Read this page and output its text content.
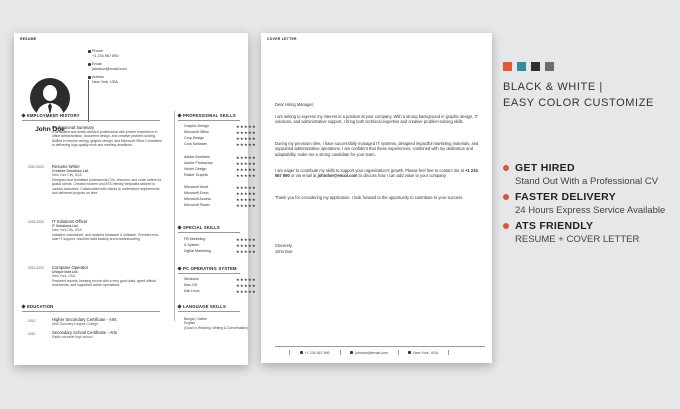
RESUME
John Doe
Phone
+1 234 567 890
Email
johndoe@email.com
Adress
New York, USA
EMPLOYMENT HISTORY
Professional Summary
A dedicated and detail-oriented professional with proven experience in office administration, document design, and creative problem-solving. Skilled in resume writing, graphic design, and Microsoft Office Committed to delivering high-quality work and meeting deadlines.
2020-2023 Resume Writer
Creative Solutions Ltd.
New York City, USA
Designed and formatted professional CVs, resumes, and cover letters for global clients. Created modern and ATS-friendly templates tailored to various industries. Collaborated with clients to understand requirements and delivered projects on time.
2018-2020 IT Solutions Officer
IT Solutions Ltd.
New York City, USA
Installed, maintained, and repaired hardware & software. Provided end-user IT support, resolved data backup and troubleshooting.
2012-2022 Computer Operator
Unique Idea Ltd.
New York, USA
Prepared reports, keeping record with a very good data, typed official documents, and supported admin operations.
EDUCATION
2013	Higher Secondary Certificate - Arts
Abdl Gonodey Degree College
2010	Secondary School Certificate - Arts
Radlo versatile high school
PROFESSIONAL SKILLS
SPECIAL SKILLS
PC OPERATING SYSTEM
LANGUAGE SKILLS
Bangla | Native
English
(Good in Reading, Writing & Conversation)
Graphic Design	★★★★★
Microsoft Office	★★★★★
Corp Design	★★★★★
Corp Software	★★★★★
Adobe Illustrator	★★★★★
Adobe Photoshop	★★★★★
Vector Design	★★★★★
Raster Graphic	★★★★★
Microsoft Word	★★★★★
Microsoft Excel	★★★★★
Microsoft Access	★★★★★
Microsoft Power	★★★★★
FB Marketing	★★★★★
& System	★★★★★
Digital Marketing	★★★★★
Windows	★★★★★
Mac-OS	★★★★★
Kali Linux	★★★★★
COVER LETTER
Dear Hiring Manager,
I am writing to express my interest in a position at your company. With a strong background in graphic design, IT solutions, and administrative support, I bring both technical expertise and creative problem-solving skills.
During my previous roles, I have successfully managed IT systems, designed impactful marketing materials, and supported administrative operations. I am confident that these experiences, combined with my dedication and adaptability, make me a strong candidate for your team.
I am eager to contribute my skills to support your organization's growth. Please feel free to contact me at +1 234 567 890 or via email at johndoe@email.com to discuss how I can add value to your company.
Thank you for considering my application. I look forward to the opportunity to contribute to your success.
Sincerely,
John Doe
+1 234 567 890	johndoe@email.com	New York, USA
BLACK & WHITE |
EASY COLOR CUSTOMIZE
GET HIRED
Stand Out With a Professional CV
FASTER DELIVERY
24 Hours Express Service Available
ATS FRIENDLY
RESUME + COVER LETTER
